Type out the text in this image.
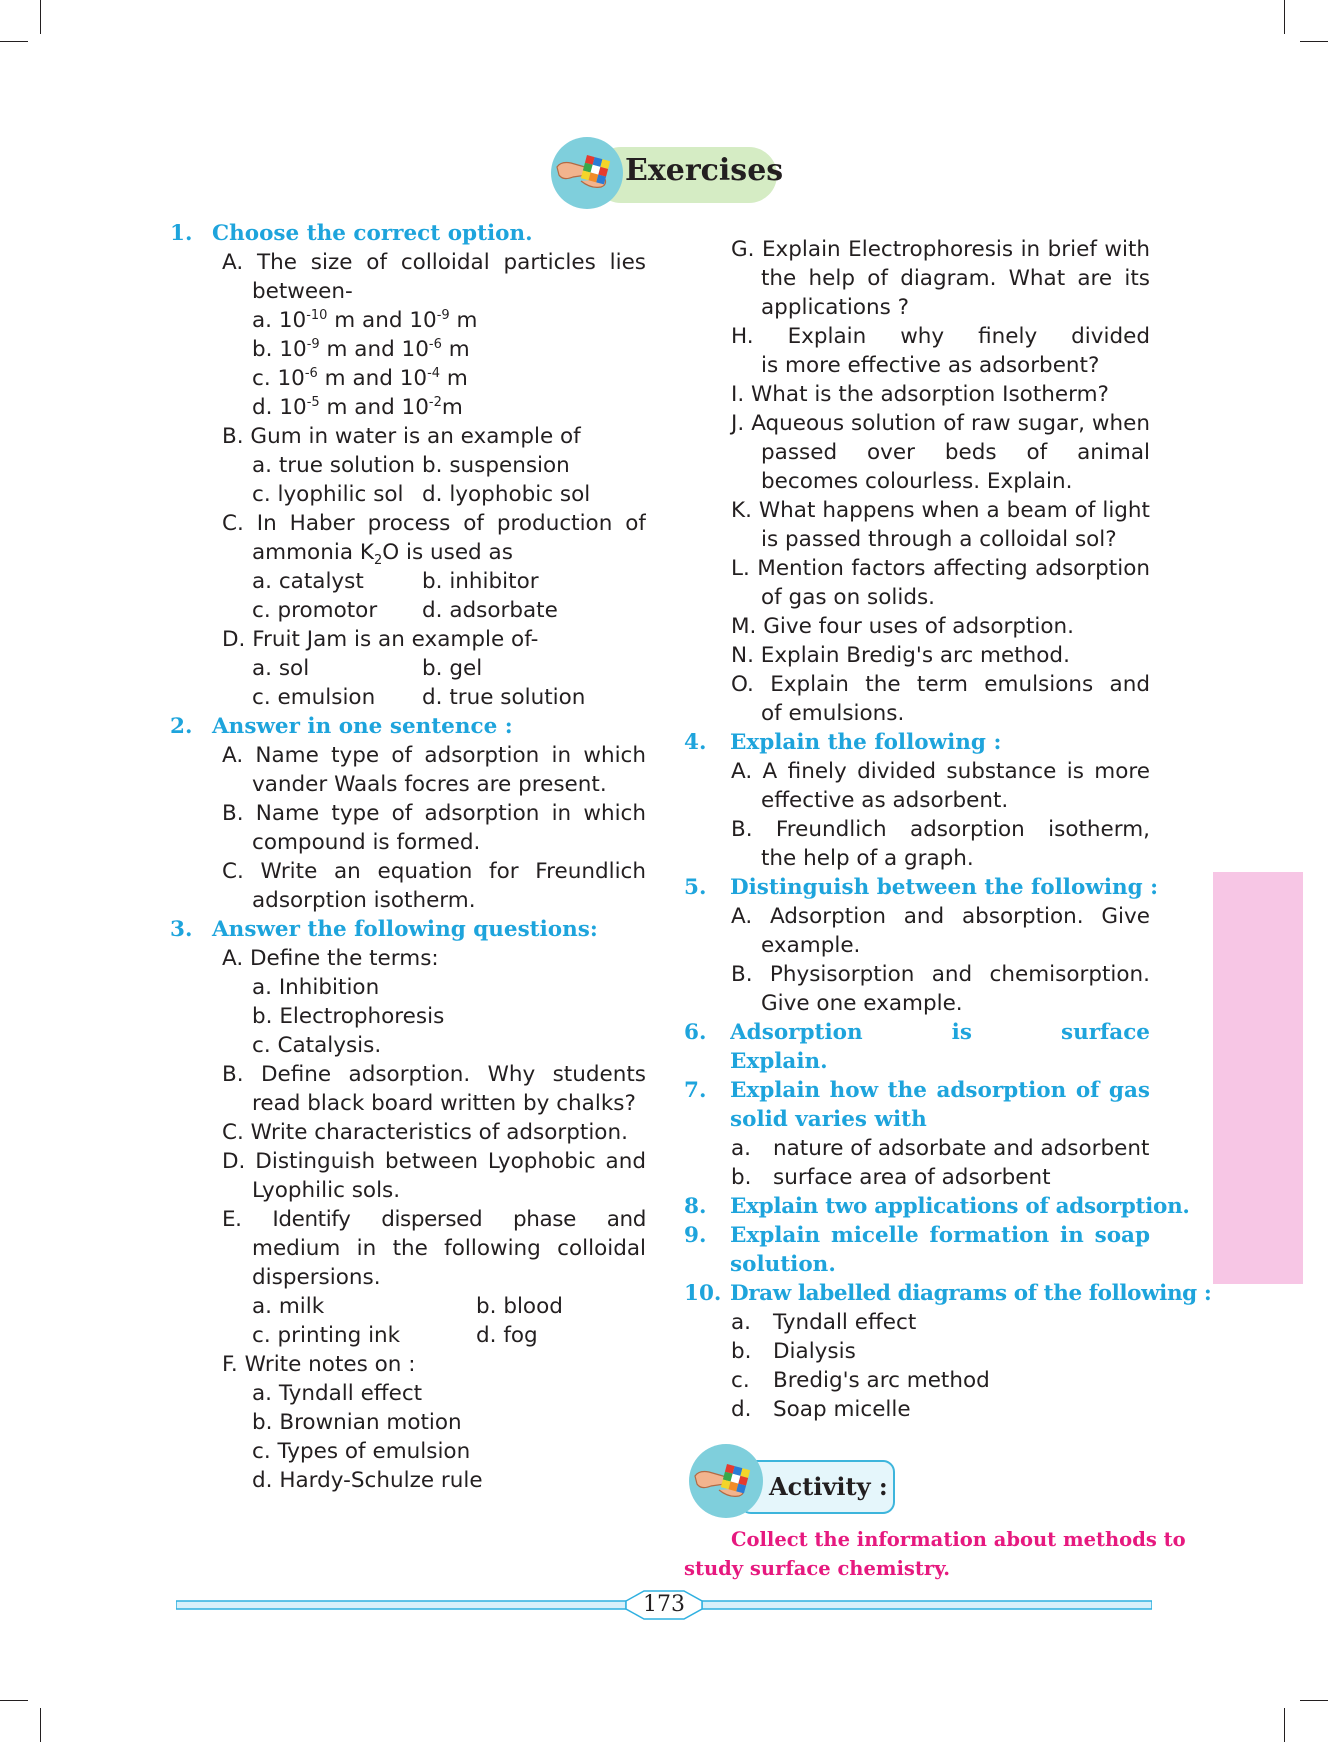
Exercises
1. Choose the correct option.
A. The size of colloidal particles lies
between-
a. $10^{-10}$ m and $10^{-9}$ m
b. $10^{-9}$ m and $10^{-6}$ m
c. $10^{-6}$ m and $10^{-4}$ m
d. $10^{-5}$ m and $10^{-2}m$
B. Gum in water is an example of
a. true solution b. suspension
c. lyophilic sol d. lyophobic sol
C. In Haber process of production of
ammonia $K_2O$ is used as
a. catalyst	b. inhibitor
c. promotor d. adsorbate
D. Fruit Jam is an example of-
a. sol	b. gel
c. emulsion d. true solution
2. Answer in one sentence :
A. Name type of adsorption in which
vander Waals focres are present.
B. Name type of adsorption in which
compound is formed.
C. Write an equation for Freundlich
adsorption isotherm.
3. Answer the following questions:
A. Define the terms:
a. Inhibition
b. Electrophoresis
c. Catalysis.
B. Define adsorption. Why students
read black board written by chalks?
C. Write characteristics of adsorption.
D. Distinguish between Lyophobic and
Lyophilic sols.
E. Identify dispersed phase and
medium in the following colloidal
dispersions.
a. milk	b. blood
c. printing ink	d. fog
F. Write notes on :
a. Tyndall effect
b. Brownian motion
c. Types of emulsion
d. Hardy-Schulze rule
G. Explain Electrophoresis in brief with
the help of diagram. What are its
applications ?
H. Explain why finely divided
is more effective as adsorbent?
I. What is the adsorption Isotherm?
J. Aqueous solution of raw sugar, when
passed over beds of animal
becomes colourless. Explain.
K. What happens when a beam of light
is passed through a colloidal sol?
L. Mention factors affecting adsorption
of gas on solids.
M. Give four uses of adsorption.
N. Explain Bredig's arc method.
O. Explain the term emulsions and
of emulsions.
4. Explain the following :
A. A finely divided substance is more
effective as adsorbent.
B. Freundlich adsorption isotherm,
the help of a graph.
5. Distinguish between the following :
A. Adsorption and absorption. Give
example.
B. Physisorption and chemisorption.
Give one example.
6. Adsorption is surface
Explain.
7. Explain how the adsorption of gas
solid varies with
a. nature of adsorbate and adsorbent
b. surface area of adsorbent
8. Explain two applications of adsorption.
9. Explain micelle formation in soap
solution.
10. Draw labelled diagrams of the following :
a. Tyndall effect
b. Dialysis
c. Bredig's arc method
d. Soap micelle
Activity :
Collect the information about methods to
study surface chemistry.
173
